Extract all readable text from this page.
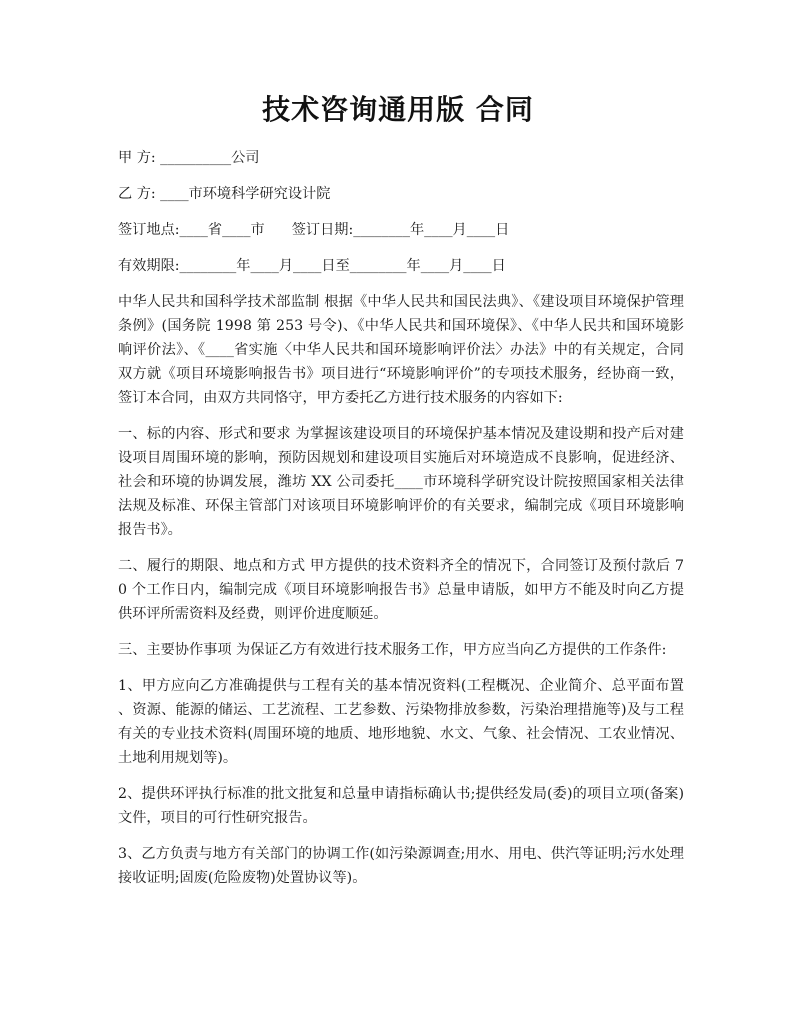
技术咨询通用版 合同
甲 方: __________公司
乙 方: ____市环境科学研究设计院
签订地点:____省____市      签订日期:________年____月____日
有效期限:________年____月____日至________年____月____日

中华人民共和国科学技术部监制 根据《中华人民共和国民法典》、《建设项目环境保护管理条例》(国务院 1998 第 253 号令)、《中华人民共和国环境保》、《中华人民共和国环境影响评价法》、《____省实施〈中华人民共和国环境影响评价法〉办法》中的有关规定，合同双方就《项目环境影响报告书》项目进行“环境影响评价”的专项技术服务，经协商一致，签订本合同，由双方共同恪守，甲方委托乙方进行技术服务的内容如下:

一、标的内容、形式和要求 为掌握该建设项目的环境保护基本情况及建设期和投产后对建设项目周围环境的影响，预防因规划和建设项目实施后对环境造成不良影响，促进经济、社会和环境的协调发展，潍坊 XX 公司委托____市环境科学研究设计院按照国家相关法律法规及标准、环保主管部门对该项目环境影响评价的有关要求，编制完成《项目环境影响报告书》。

二、履行的期限、地点和方式 甲方提供的技术资料齐全的情况下，合同签订及预付款后 70 个工作日内，编制完成《项目环境影响报告书》总量申请版，如甲方不能及时向乙方提供环评所需资料及经费，则评价进度顺延。

三、主要协作事项 为保证乙方有效进行技术服务工作，甲方应当向乙方提供的工作条件:

1、甲方应向乙方准确提供与工程有关的基本情况资料(工程概况、企业简介、总平面布置、资源、能源的储运、工艺流程、工艺参数、污染物排放参数，污染治理措施等)及与工程有关的专业技术资料(周围环境的地质、地形地貌、水文、气象、社会情况、工农业情况、土地利用规划等)。

2、提供环评执行标准的批文批复和总量申请指标确认书;提供经发局(委)的项目立项(备案)文件，项目的可行性研究报告。

3、乙方负责与地方有关部门的协调工作(如污染源调查;用水、用电、供汽等证明;污水处理接收证明;固废(危险废物)处置协议等)。
